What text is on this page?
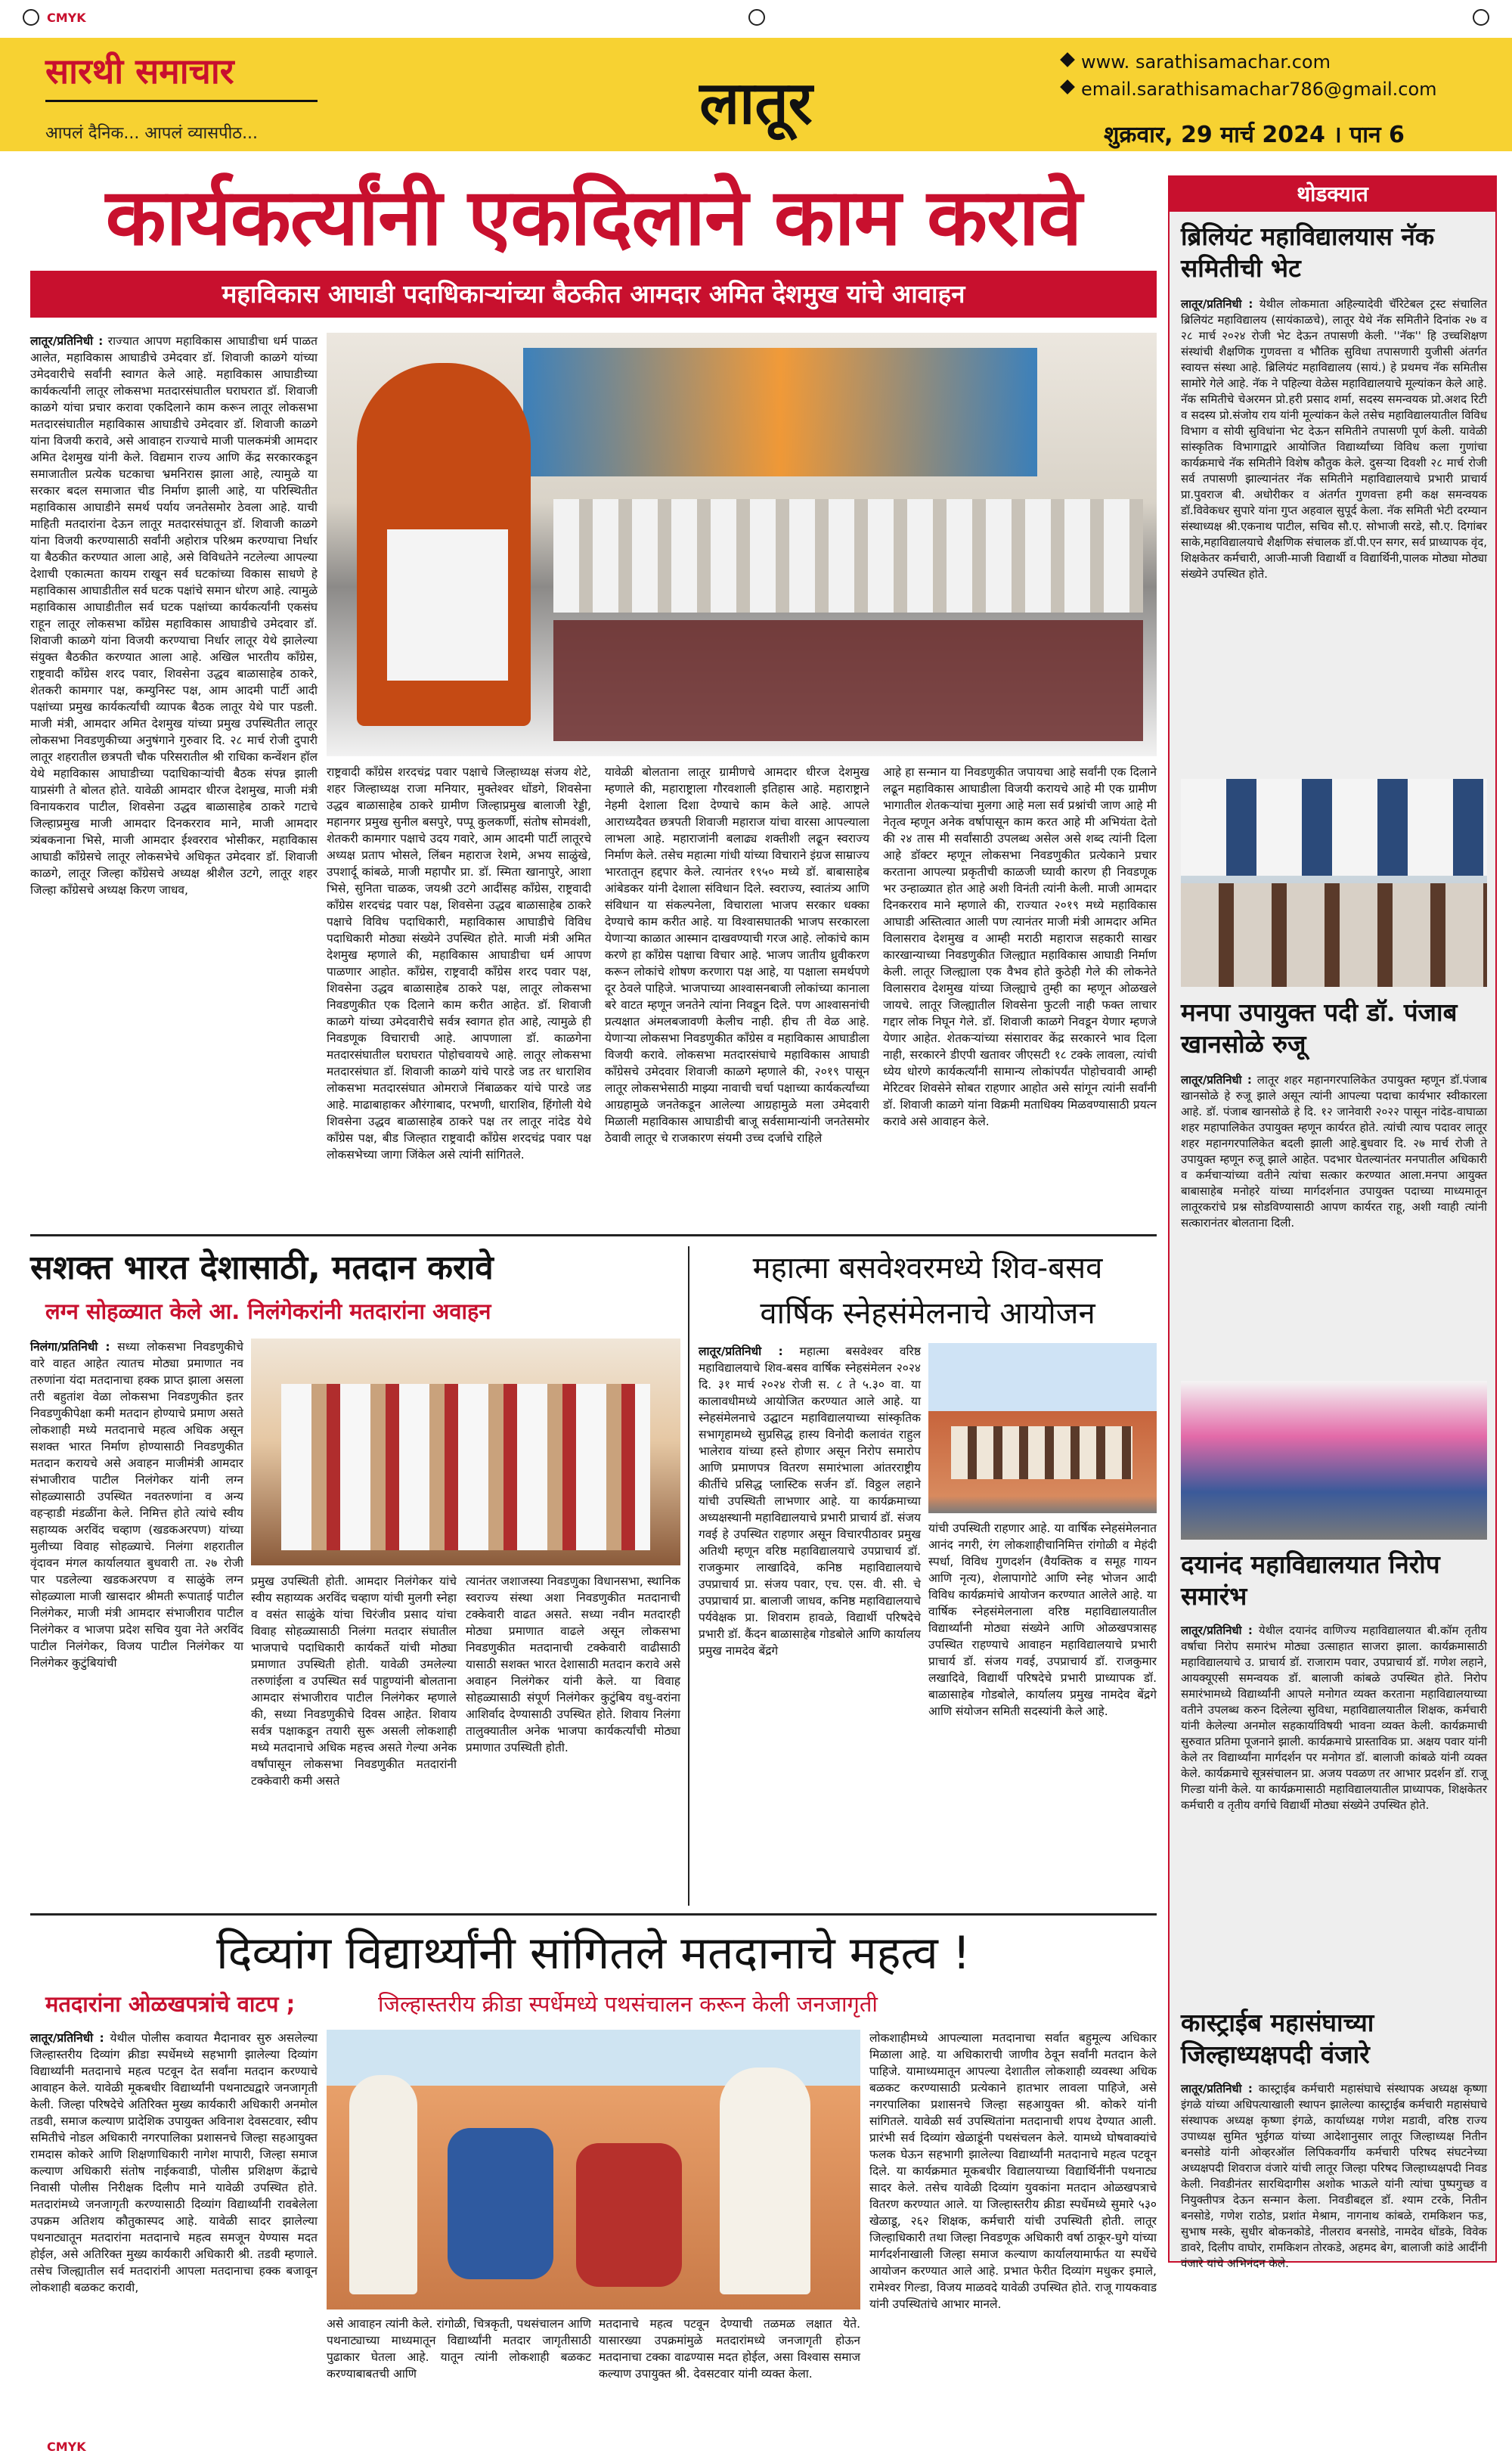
CMYK
सारथी समाचार
आपलं दैनिक... आपलं व्यासपीठ...	लातूर
www. sarathisamachar.com
email.sarathisamachar786@gmail.com
शुक्रवार, 29 मार्च 2024 । पान 6
कार्यकर्त्यांनी एकदिलाने काम करावे
महाविकास आघाडी पदाधिकाऱ्यांच्या बैठकीत आमदार अमित देशमुख यांचे आवाहन
लातूर/प्रतिनिधी : राज्यात आपण महाविकास आघाडीचा धर्म पाळत आलेत, महाविकास आघाडीचे उमेदवार डॉ. शिवाजी काळगे यांच्या उमेदवारीचे सर्वांनी स्वागत केले आहे. महाविकास आघाडीच्या कार्यकर्त्यांनी लातूर लोकसभा मतदारसंघातील घराघरात डॉ. शिवाजी काळगे यांचा प्रचार करावा एकदिलाने काम करून लातूर लोकसभा मतदारसंघातील महाविकास आघाडीचे उमेदवार डॉ. शिवाजी काळगे यांना विजयी करावे, असे आवाहन राज्याचे माजी पालकमंत्री आमदार अमित देशमुख यांनी केले. विद्यमान राज्य आणि केंद्र सरकारकडून समाजातील प्रत्येक घटकाचा भ्रमनिरास झाला आहे, त्यामुळे या सरकार बदल समाजात चीड निर्माण झाली आहे, या परिस्थितीत महाविकास आघाडीने समर्थ पर्याय जनतेसमोर ठेवला आहे. याची माहिती मतदारांना देऊन लातूर मतदारसंघातून डॉ. शिवाजी काळगे यांना विजयी करण्यासाठी सर्वांनी अहोरात्र परिश्रम करण्याचा निर्धार या बैठकीत करण्यात आला आहे, असे विविधतेने नटलेल्या आपल्या देशाची एकात्मता कायम राखून सर्व घटकांच्या विकास साधणे हे महाविकास आघाडीतील सर्व घटक पक्षांचे समान धोरण आहे. त्यामुळे महाविकास आघाडीतील सर्व घटक पक्षांच्या कार्यकर्त्यांनी एकसंघ राहून लातूर लोकसभा काँग्रेस महाविकास आघाडीचे उमेदवार डॉ. शिवाजी काळगे यांना विजयी करण्याचा निर्धार लातूर येथे झालेल्या संयुक्त बैठकीत करण्यात आला आहे. अखिल भारतीय काँग्रेस, राष्ट्रवादी काँग्रेस शरद पवार, शिवसेना उद्धव बाळासाहेब ठाकरे, शेतकरी कामगार पक्ष, कम्युनिस्ट पक्ष, आम आदमी पार्टी आदी पक्षांच्या प्रमुख कार्यकर्त्यांची व्यापक बैठक लातूर येथे पार पडली. माजी मंत्री, आमदार अमित देशमुख यांच्या प्रमुख उपस्थितीत लातूर लोकसभा निवडणुकीच्या अनुषंगाने गुरुवार दि. २८ मार्च रोजी दुपारी लातूर शहरातील छत्रपती चौक परिसरातील श्री राधिका कन्वेंशन हॉल येथे महाविकास आघाडीच्या पदाधिकाऱ्यांची बैठक संपन्न झाली याप्रसंगी ते बोलत होते. यावेळी आमदार धीरज देशमुख, माजी मंत्री विनायकराव पाटील, शिवसेना उद्धव बाळासाहेब ठाकरे गटाचे जिल्हाप्रमुख माजी आमदार दिनकरराव माने, माजी आमदार त्र्यंबकनाना भिसे, माजी आमदार ईश्वरराव भोसीकर, महाविकास आघाडी काँग्रेसचे लातूर लोकसभेचे अधिकृत उमेदवार डॉ. शिवाजी काळगे, लातूर जिल्हा काँग्रेसचे अध्यक्ष श्रीशैल उटगे, लातूर शहर जिल्हा काँग्रेसचे अध्यक्ष किरण जाधव,
राष्ट्रवादी काँग्रेस शरदचंद्र पवार पक्षाचे जिल्हाध्यक्ष संजय शेटे, शहर जिल्हाध्यक्ष राजा मनियार, मुक्तेश्वर धोंडगे, शिवसेना उद्धव बाळासाहेब ठाकरे ग्रामीण जिल्हाप्रमुख बालाजी रेड्डी, महानगर प्रमुख सुनील बसपुरे, पप्पू कुलकर्णी, संतोष सोमवंशी, शेतकरी कामगार पक्षाचे उदय गवारे, आम आदमी पार्टी लातूरचे अध्यक्ष प्रताप भोसले, लिंबन महाराज रेशमे, अभय साळुंखे, उपशार्दू कांबळे, माजी महापौर प्रा. डॉ. स्मिता खानापुरे, आशा भिसे, सुनिता चाळक, जयश्री उटगे आदींसह काँग्रेस, राष्ट्रवादी काँग्रेस शरदचंद्र पवार पक्ष, शिवसेना उद्धव बाळासाहेब ठाकरे पक्षाचे विविध पदाधिकारी, महाविकास आघाडीचे विविध पदाधिकारी मोठ्या संख्येने उपस्थित होते. माजी मंत्री अमित देशमुख म्हणाले की, महाविकास आघाडीचा धर्म आपण पाळणार आहोत. काँग्रेस, राष्ट्रवादी काँग्रेस शरद पवार पक्ष, शिवसेना उद्धव बाळासाहेब ठाकरे पक्ष, लातूर लोकसभा निवडणुकीत एक दिलाने काम करीत आहेत. डॉ. शिवाजी काळगे यांच्या उमेदवारीचे सर्वत्र स्वागत होत आहे, त्यामुळे ही निवडणूक विचाराची आहे. आपणाला डॉ. काळगेना मतदारसंघातील घराघरात पोहोचवायचे आहे. लातूर लोकसभा मतदारसंघात डॉ. शिवाजी काळगे यांचे पारडे जड तर धाराशिव लोकसभा मतदारसंघात ओमराजे निंबाळकर यांचे पारडे जड आहे. माढाबाहाकर औरंगाबाद, परभणी, धाराशिव, हिंगोली येथे शिवसेना उद्धव बाळासाहेब ठाकरे पक्ष तर लातूर नांदेड येथे काँग्रेस पक्ष, बीड जिल्हात राष्ट्रवादी काँग्रेस शरदचंद्र पवार पक्ष लोकसभेच्या जागा जिंकेल असे त्यांनी सांगितले.
यावेळी बोलताना लातूर ग्रामीणचे आमदार धीरज देशमुख म्हणाले की, महाराष्ट्राला गौरवशाली इतिहास आहे. महाराष्ट्राने नेहमी देशाला दिशा देण्याचे काम केले आहे. आपले आराध्यदैवत छत्रपती शिवाजी महाराज यांचा वारसा आपल्याला लाभला आहे. महाराजांनी बलाढ्य शक्तीशी लढून स्वराज्य निर्माण केले. तसेच महात्मा गांधी यांच्या विचाराने इंग्रज साम्राज्य भारतातून हद्दपार केले. त्यानंतर १९५० मध्ये डॉ. बाबासाहेब आंबेडकर यांनी देशाला संविधान दिले. स्वराज्य, स्वातंत्र्य आणि संविधान या संकल्पनेला, विचाराला भाजप सरकार धक्का देण्याचे काम करीत आहे. या विश्वासघातकी भाजप सरकारला येणाऱ्या काळात आस्मान दाखवण्याची गरज आहे. लोकांचे काम करणे हा काँग्रेस पक्षाचा विचार आहे. भाजप जातीय ध्रुवीकरण करून लोकांचे शोषण करणारा पक्ष आहे, या पक्षाला समर्थपणे दूर ठेवले पाहिजे. भाजपाच्या आश्वासनबाजी लोकांच्या कानाला बरे वाटत म्हणून जनतेने त्यांना निवडून दिले. पण आश्वासनांची प्रत्यक्षात अंमलबजावणी केलीच नाही. हीच ती वेळ आहे. येणाऱ्या लोकसभा निवडणुकीत काँग्रेस व महाविकास आघाडीला विजयी करावे. लोकसभा मतदारसंघाचे महाविकास आघाडी काँग्रेसचे उमेदवार शिवाजी काळगे म्हणाले की, २०१९ पासून लातूर लोकसभेसाठी माझ्या नावाची चर्चा पक्षाच्या कार्यकर्त्यांच्या आग्रहामुळे जनतेकडून आलेल्या आग्रहामुळे मला उमेदवारी मिळाली महाविकास आघाडीची बाजू सर्वसामान्यांनी जनतेसमोर ठेवावी लातूर चे राजकारण संयमी उच्च दर्जाचे राहिले
आहे हा सन्मान या निवडणुकीत जपायचा आहे सर्वांनी एक दिलाने लढून महाविकास आघाडीला विजयी करायचे आहे मी एक ग्रामीण भागातील शेतकऱ्यांचा मुलगा आहे मला सर्व प्रश्नांची जाण आहे मी नेतृत्व म्हणून अनेक वर्षापासून काम करत आहे मी अभियंता देतो की २४ तास मी सर्वांसाठी उपलब्ध असेल असे शब्द त्यांनी दिला आहे डॉक्टर म्हणून लोकसभा निवडणुकीत प्रत्येकाने प्रचार करताना आपल्या प्रकृतीची काळजी घ्यावी कारण ही निवडणूक भर उन्हाळ्यात होत आहे अशी विनंती त्यांनी केली. माजी आमदार दिनकरराव माने म्हणाले की, राज्यात २०१९ मध्ये महाविकास आघाडी अस्तित्वात आली पण त्यानंतर माजी मंत्री आमदार अमित विलासराव देशमुख व आम्ही मराठी महाराज सहकारी साखर कारखान्याच्या निवडणुकीत जिल्ह्यात महाविकास आघाडी निर्माण केली. लातूर जिल्ह्याला एक वैभव होते कुठेही गेले की लोकनेते विलासराव देशमुख यांच्या जिल्ह्याचे तुम्ही का म्हणून ओळखले जायचे. लातूर जिल्ह्यातील शिवसेना फुटली नाही फक्त लाचार गद्दार लोक निघून गेले. डॉ. शिवाजी काळगे निवडून येणार म्हणजे येणार आहेत. शेतकऱ्यांच्या संसारावर केंद्र सरकारने भाव दिला नाही, सरकारने डीएपी खतावर जीएसटी १८ टक्के लावला, त्यांची ध्येय धोरणे कार्यकर्त्यांनी सामान्य लोकांपर्यंत पोहोचवावी आम्ही मेरिटवर शिवसेने सोबत राहणार आहोत असे सांगून त्यांनी सर्वांनी डॉ. शिवाजी काळगे यांना विक्रमी मताधिक्य मिळवण्यासाठी प्रयत्न करावे असे आवाहन केले.
सशक्त भारत देशासाठी, मतदान करावे
लग्न सोहळ्यात केले आ. निलंगेकरांनी मतदारांना अवाहन
निलंगा/प्रतिनिधी : सध्या लोकसभा निवडणुकीचे वारे वाहत आहेत त्यातच मोठ्या प्रमाणात नव तरुणांना यंदा मतदानाचा हक्क प्राप्त झाला असला तरी बहुतांश वेळा लोकसभा निवडणुकीत इतर निवडणुकीपेक्षा कमी मतदान होण्याचे प्रमाण असते लोकशाही मध्ये मतदानाचे महत्व अधिक असून सशक्त भारत निर्माण होण्यासाठी निवडणुकीत मतदान करायचे असे अवाहन माजीमंत्री आमदार संभाजीराव पाटील निलंगेकर यांनी लग्न सोहळ्यासाठी उपस्थित नवतरुणांना व अन्य वहऱ्हाडी मंडळींना केले. निमित्त होते त्यांचे स्वीय सहाय्यक अरविंद चव्हाण (खडकअरपण) यांच्या मुलीच्या विवाह सोहळ्याचे. निलंगा शहरातील वृंदावन मंगल कार्यालयात बुधवारी ता. २७ रोजी पार पडलेल्या खडकअरपण व साळुंके लग्न सोहळ्याला माजी खासदार श्रीमती रूपाताई पाटील निलंगेकर, माजी मंत्री आमदार संभाजीराव पाटील निलंगेकर व भाजपा प्रदेश सचिव युवा नेते अरविंद पाटील निलंगेकर, विजय पाटील निलंगेकर या निलंगेकर कुटुंबियांची
प्रमुख उपस्थिती होती. आमदार निलंगेकर यांचे स्वीय सहाय्यक अरविंद चव्हाण यांची मुलगी स्नेहा व वसंत साळुंके यांचा चिरंजीव प्रसाद यांचा विवाह सोहळ्यासाठी निलंगा मतदार संघातील भाजपाचे पदाधिकारी कार्यकर्ते यांची मोठ्या प्रमाणात उपस्थिती होती. यावेळी उमलेल्या तरुणांईला व उपस्थित सर्व पाहुण्यांनी बोलताना आमदार संभाजीराव पाटील निलंगेकर म्हणाले की, सध्या निवडणुकीचे दिवस आहेत. शिवाय सर्वत्र पक्षाकडून तयारी सुरू असली लोकशाही मध्ये मतदानाचे अधिक महत्त्व असते गेल्या अनेक वर्षांपासून लोकसभा निवडणुकीत मतदारांनी टक्केवारी कमी असते
त्यानंतर जशाजस्या निवडणुका विधानसभा, स्थानिक स्वराज्य संस्था अशा निवडणुकीत मतदानाची टक्केवारी वाढत असते. सध्या नवीन मतदारही मोठ्या प्रमाणात वाढले असून लोकसभा निवडणुकीत मतदानाची टक्केवारी वाढीसाठी यासाठी सशक्त भारत देशासाठी मतदान करावे असे अवाहन निलंगेकर यांनी केले. या विवाह सोहळ्यासाठी संपूर्ण निलंगेकर कुटुंबिय वधु-वरांना आशिर्वाद देण्यासाठी उपस्थित होते. शिवाय निलंगा तालुक्यातील अनेक भाजपा कार्यकर्त्यांची मोठ्या प्रमाणात उपस्थिती होती.
महात्मा बसवेश्वरमध्ये शिव-बसव
वार्षिक स्नेहसंमेलनाचे आयोजन
लातूर/प्रतिनिधी : महात्मा बसवेश्वर वरिष्ठ महाविद्यालयाचे शिव-बसव वार्षिक स्नेहसंमेलन २०२४ दि. ३१ मार्च २०२४ रोजी स. ८ ते ५.३० वा. या कालावधीमध्ये आयोजित करण्यात आले आहे. या स्नेहसंमेलनाचे उद्घाटन महाविद्यालयाच्या सांस्कृतिक सभागृहामध्ये सुप्रसिद्ध हास्य विनोदी कलावंत राहुल भालेराव यांच्या हस्ते होणार असून निरोप समारोप आणि प्रमाणपत्र वितरण समारंभाला आंतरराष्ट्रीय कीर्तीचे प्रसिद्ध प्लास्टिक सर्जन डॉ. विठ्ठल लहाने यांची उपस्थिती लाभणार आहे. या कार्यक्रमाच्या अध्यक्षस्थानी महाविद्यालयाचे प्रभारी प्राचार्य डॉ. संजय गवई हे उपस्थित राहणार असून विचारपीठावर प्रमुख अतिथी म्हणून वरिष्ठ महाविद्यालयाचे उपप्राचार्य डॉ. राजकुमार लाखादिवे, कनिष्ठ महाविद्यालयाचे उपप्राचार्य प्रा. संजय पवार, एच. एस. वी. सी. चे उपप्राचार्य प्रा. बालाजी जाधव, कनिष्ठ महाविद्यालयाचे पर्यवेक्षक प्रा. शिवराम हावळे, विद्यार्थी परिषदेचे प्रभारी डॉ. कैंदन बाळासाहेब गोडबोले आणि कार्यालय प्रमुख नामदेव बेंद्रगे
यांची उपस्थिती राहणार आहे. या वार्षिक स्नेहसंमेलनात आनंद नगरी, रंग लोकशाहीचानिमित्त रांगोळी व मेहंदी स्पर्धा, विविध गुणदर्शन (वैयक्तिक व समूह गायन आणि नृत्य), शेलापागोटे आणि स्नेह भोजन आदी विविध कार्यक्रमांचे आयोजन करण्यात आलेले आहे. या वार्षिक स्नेहसंमेलनाला वरिष्ठ महाविद्यालयातील विद्यार्थ्यांनी मोठ्या संख्येने आणि ओळखपत्रासह उपस्थित राहण्याचे आवाहन महाविद्यालयाचे प्रभारी प्राचार्य डॉ. संजय गवई, उपप्राचार्य डॉ. राजकुमार लखादिवे, विद्यार्थी परिषदेचे प्रभारी प्राध्यापक डॉ. बाळासाहेब गोडबोले, कार्यालय प्रमुख नामदेव बेंद्रगे आणि संयोजन समिती सदस्यांनी केले आहे.
दिव्यांग विद्यार्थ्यांनी सांगितले मतदानाचे महत्व !
मतदारांना ओळखपत्रांचे वाटप ;	जिल्हास्तरीय क्रीडा स्पर्धेमध्ये पथसंचालन करून केली जनजागृती
लातूर/प्रतिनिधी : येथील पोलीस कवायत मैदानावर सुरु असलेल्या जिल्हास्तरीय दिव्यांग क्रीडा स्पर्धेमध्ये सहभागी झालेल्या दिव्यांग विद्यार्थ्यांनी मतदानाचे महत्व पटवून देत सर्वांना मतदान करण्याचे आवाहन केले. यावेळी मूकबधीर विद्यार्थ्यांनी पथनाट्यद्वारे जनजागृती केली. जिल्हा परिषदेचे अतिरिक्त मुख्य कार्यकारी अधिकारी अनमोल तडवी, समाज कल्याण प्रादेशिक उपायुक्त अविनाश देवसटवार, स्वीप समितीचे नोडल अधिकारी नगरपालिका प्रशासनचे जिल्हा सहआयुक्त रामदास कोकरे आणि शिक्षणाधिकारी नागेश मापारी, जिल्हा समाज कल्याण अधिकारी संतोष नाईकवाडी, पोलीस प्रशिक्षण केंद्राचे निवासी पोलीस निरीक्षक दिलीप माने यावेळी उपस्थित होते. मतदारांमध्ये जनजागृती करण्यासाठी दिव्यांग विद्यार्थ्यांनी रावबेलेला उपक्रम अतिशय कौतुकास्पद आहे. यावेळी सादर झालेल्या पथनाट्यातून मतदारांना मतदानाचे महत्व समजून येण्यास मदत होईल, असे अतिरिक्त मुख्य कार्यकारी अधिकारी श्री. तडवी म्हणाले. तसेच जिल्ह्यातील सर्व मतदारांनी आपला मतदानाचा हक्क बजावून लोकशाही बळकट करावी,
असे आवाहन त्यांनी केले. रांगोळी, चित्रकृती, पथसंचालन आणि पथनाट्याच्या माध्यमातून विद्यार्थ्यांनी मतदार जागृतीसाठी पुढाकार घेतला आहे. यातून त्यांनी लोकशाही बळकट करण्याबाबतची आणि
मतदानाचे महत्व पटवून देण्याची तळमळ लक्षात येते. यासारख्या उपक्रमांमुळे मतदारांमध्ये जनजागृती होऊन मतदानाचा टक्का वाढण्यास मदत होईल, असा विश्वास समाज कल्याण उपायुक्त श्री. देवसटवार यांनी व्यक्त केला.
लोकशाहीमध्ये आपल्याला मतदानाचा सर्वात बहुमूल्य अधिकार मिळाला आहे. या अधिकाराची जाणीव ठेवून सर्वांनी मतदान केले पाहिजे. यामाध्यमातून आपल्या देशातील लोकशाही व्यवस्था अधिक बळकट करण्यासाठी प्रत्येकाने हातभार लावला पाहिजे, असे नगरपालिका प्रशासनचे जिल्हा सहआयुक्त श्री. कोकरे यांनी सांगितले. यावेळी सर्व उपस्थितांना मतदानाची शपथ देण्यात आली. प्रारंभी सर्व दिव्यांग खेळाडूंनी पथसंचलन केले. यामध्ये घोषवाक्यांचे फलक घेऊन सहभागी झालेल्या विद्यार्थ्यांनी मतदानाचे महत्व पटवून दिले. या कार्यक्रमात मूकबधीर विद्यालयाच्या विद्यार्थिनींनी पथनाट्य सादर केले. तसेच यावेळी दिव्यांग युवकांना मतदान ओळखपत्राचे वितरण करण्यात आले. या जिल्हास्तरीय क्रीडा स्पर्धेमध्ये सुमारे ५३० खेळाडू, २६२ शिक्षक, कर्मचारी यांची उपस्थिती होती. लातूर जिल्हाधिकारी तथा जिल्हा निवडणूक अधिकारी वर्षा ठाकूर-घुगे यांच्या मार्गदर्शनाखाली जिल्हा समाज कल्याण कार्यालयामार्फत या स्पर्धेचे आयोजन करण्यात आले आहे. प्रभात फेरीत दिव्यांग मधुकर इमाले, रामेश्वर गिल्डा, विजय माळवदे यावेळी उपस्थित होते. राजू गायकवाड यांनी उपस्थितांचे आभार मानले.
थोडक्यात
ब्रिलियंट महाविद्यालयास नॅक समितीची भेट
लातूर/प्रतिनिधी : येथील लोकमाता अहिल्यादेवी चॅरिटेबल ट्रस्ट संचालित ब्रिलियंट महाविद्यालय (सायंकाळचे), लातूर येथे नॅक समितीने दिनांक २७ व २८ मार्च २०२४ रोजी भेट देऊन तपासणी केली. ''नॅक'' हि उच्चशिक्षण संस्थांची शैक्षणिक गुणवत्ता व भौतिक सुविधा तपासणारी युजीसी अंतर्गत स्वायत्त संस्था आहे. ब्रिलियंट महाविद्यालय (सायं.) हे प्रथमच नॅक समितीस सामोरे गेले आहे. नॅक ने पहिल्या वेळेस महाविद्यालयाचे मूल्यांकन केले आहे. नॅक समितीचे चेअरमन प्रो.हरी प्रसाद शर्मा, सदस्य समन्वयक प्रो.अशद रिटी व सदस्य प्रो.संजोय राय यांनी मूल्यांकन केले तसेच महाविद्यालयातील विविध विभाग व सोयी सुविधांना भेट देऊन समितीने तपासणी पूर्ण केली. यावेळी सांस्कृतिक विभागाद्वारे आयोजित विद्यार्थ्यांच्या विविध कला गुणांचा कार्यक्रमाचे नॅक समितीने विशेष कौतुक केले. दुसऱ्या दिवशी २८ मार्च रोजी सर्व तपासणी झाल्यानंतर नॅक समितीने महाविद्यालयाचे प्रभारी प्राचार्य प्रा.पुवराज बी. अधोरीकर व अंतर्गत गुणवत्ता हमी कक्ष समन्वयक डॉ.विवेकधर सुपारे यांना गुप्त अहवाल सुपूर्द केला. नॅक समिती भेटी दरम्यान संस्थाध्यक्ष श्री.एकनाथ पाटील, सचिव सौ.ए. सोभाजी सरडे, सौ.ए. दिगांबर साके,महाविद्यालयाचे शैक्षणिक संचालक डॉ.पी.एन सगर, सर्व प्राध्यापक वृंद, शिक्षकेतर कर्मचारी, आजी-माजी विद्यार्थी व विद्यार्थिनी,पालक मोठ्या मोठ्या संख्येने उपस्थित होते.
मनपा उपायुक्त पदी डॉ. पंजाब खानसोळे रुजू
लातूर/प्रतिनिधी : लातूर शहर महानगरपालिकेत उपायुक्त म्हणून डॉ.पंजाब खानसोळे हे रुजू झाले असून त्यांनी आपल्या पदाचा कार्यभार स्वीकारला आहे. डॉ. पंजाब खानसोळे हे दि. १२ जानेवारी २०२२ पासून नांदेड-वाघाळा शहर महापालिकेत उपायुक्त म्हणून कार्यरत होते. त्यांची त्याच पदावर लातूर शहर महानगरपालिकेत बदली झाली आहे.बुधवार दि. २७ मार्च रोजी ते उपायुक्त म्हणून रुजू झाले आहेत. पदभार घेतल्यानंतर मनपातील अधिकारी व कर्मचाऱ्यांच्या वतीने त्यांचा सत्कार करण्यात आला.मनपा आयुक्त बाबासाहेब मनोहरे यांच्या मार्गदर्शनात उपायुक्त पदाच्या माध्यमातून लातूरकरांचे प्रश्न सोडविण्यासाठी आपण कार्यरत राहू, अशी ग्वाही त्यांनी सत्कारानंतर बोलताना दिली.
दयानंद महाविद्यालयात निरोप समारंभ
लातूर/प्रतिनिधी : येथील दयानंद वाणिज्य महाविद्यालयात बी.कॉम तृतीय वर्षाचा निरोप समारंभ मोठ्या उत्साहात साजरा झाला. कार्यक्रमासाठी महाविद्यालयाचे उ. प्राचार्य डॉ. राजाराम पवार, उपप्राचार्य डॉ. गणेश लहाने, आयक्यूएसी समन्वयक डॉ. बालाजी कांबळे उपस्थित होते. निरोप समारंभामध्ये विद्यार्थ्यांनी आपले मनोगत व्यक्त करताना महाविद्यालयाच्या वतीने उपलब्ध करुन दिलेल्या सुविधा, महाविद्यालयातील शिक्षक, कर्मचारी यांनी केलेल्या अनमोल सहकार्याविषयी भावना व्यक्त केली. कार्यक्रमाची सुरुवात प्रतिमा पूजनाने झाली. कार्यक्रमाचे प्रास्ताविक प्रा. अक्षय पवार यांनी केले तर विद्यार्थ्यांना मार्गदर्शन पर मनोगत डॉ. बालाजी कांबळे यांनी व्यक्त केले. कार्यक्रमाचे सूत्रसंचालन प्रा. अजय पवळण तर आभार प्रदर्शन डॉ. राजू गिल्डा यांनी केले. या कार्यक्रमासाठी महाविद्यालयातील प्राध्यापक, शिक्षकेतर कर्मचारी व तृतीय वर्गाचे विद्यार्थी मोठ्या संख्येने उपस्थित होते.
कास्ट्राईब महासंघाच्या जिल्हाध्यक्षपदी वंजारे
लातूर/प्रतिनिधी : कास्ट्राईब कर्मचारी महासंघाचे संस्थापक अध्यक्ष कृष्णा इंगळे यांच्या अधिपत्याखाली स्थापन झालेल्या कास्ट्राईब कर्मचारी महासंघाचे संस्थापक अध्यक्ष कृष्णा इंगळे, कार्याध्यक्ष गणेश मडावी, वरिष्ठ राज्य उपाध्यक्ष सुमित भुईगळ यांच्या आदेशानुसार लातूर जिल्हाध्यक्ष नितीन बनसोडे यांनी ओव्हरऑल लिपिकवर्गीय कर्मचारी परिषद संघटनेच्या अध्यक्षपदी शिवराज वंजारे यांची लातूर जिल्हा परिषद जिल्हाध्यक्षपदी निवड केली. निवडीनंतर सारथिदागीस अशोक भाऊले यांनी त्यांचा पुष्पगुच्छ व नियुक्तीपत्र देऊन सन्मान केला. निवडीबद्दल डॉ. श्याम टरके, नितीन बनसोडे, गणेश राठोड, प्रशांत मेश्राम, नागनाथ कांबळे, रामकिशन फड, सुभाष मस्के, सुधीर बोकनकोडे, नीलराव बनसोडे, नामदेव धोंडके, विवेक डावरे, दिलीप वाघोर, रामकिशन तोरकडे, अहमद बेग, बालाजी कांडे आदींनी वंजारे यांचे अभिनंदन केले.
CMYK
